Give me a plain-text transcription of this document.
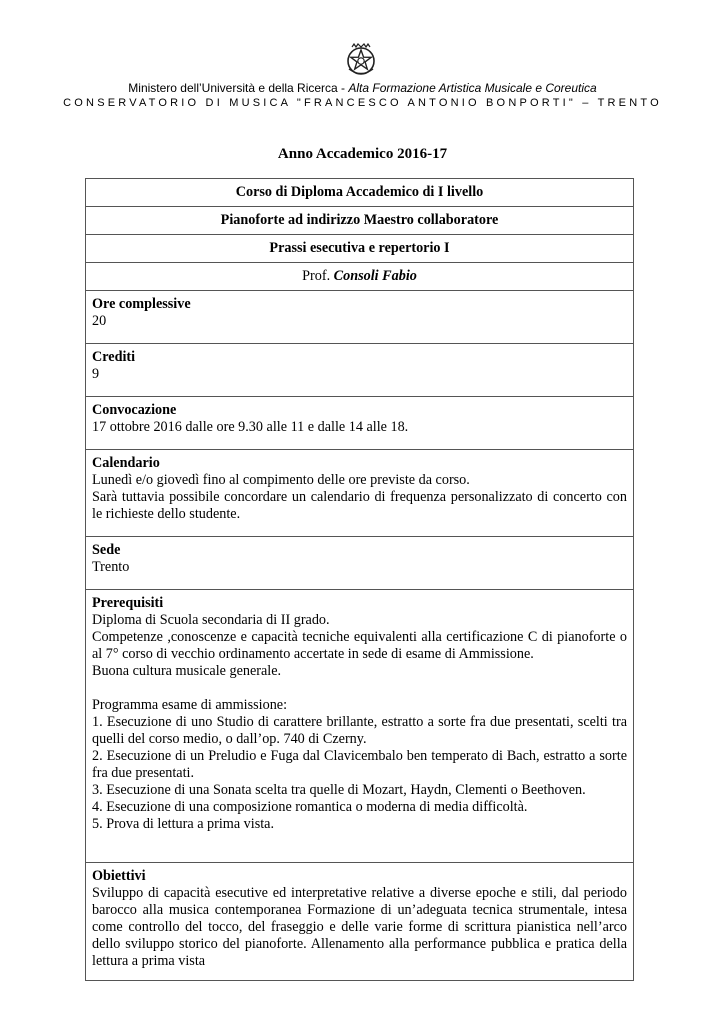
Ministero dell’Università e della Ricerca - Alta Formazione Artistica Musicale e Coreutica
CONSERVATORIO DI MUSICA "FRANCESCO ANTONIO BONPORTI" – TRENTO
Anno Accademico 2016-17
Corso di Diploma Accademico di I livello
Pianoforte ad indirizzo Maestro collaboratore
Prassi esecutiva e repertorio I
Prof. Consoli Fabio

Ore complessive

20

Crediti

9

Convocazione

17 ottobre 2016 dalle ore 9.30 alle 11 e dalle 14 alle 18.

Calendario

Lunedì e/o giovedì fino al compimento delle ore previste da corso.

Sarà tuttavia possibile concordare un calendario di frequenza personalizzato di concerto con le richieste dello studente.

Sede

Trento

Prerequisiti

Diploma di Scuola secondaria di II grado.

Competenze ,conoscenze e capacità tecniche equivalenti alla certificazione C di pianoforte o al 7° corso di vecchio ordinamento accertate in sede di esame di Ammissione.

Buona cultura musicale generale.

Programma esame di ammissione:

1. Esecuzione di uno Studio di carattere brillante, estratto a sorte fra due presentati, scelti tra quelli del corso medio, o dall’op. 740 di Czerny.

2. Esecuzione di un Preludio e Fuga dal Clavicembalo ben temperato di Bach, estratto a sorte fra due presentati.

3. Esecuzione di una Sonata scelta tra quelle di Mozart, Haydn, Clementi o Beethoven.

4. Esecuzione di una composizione romantica o moderna di media difficoltà.

5. Prova di lettura a prima vista.

Obiettivi

Sviluppo di capacità esecutive ed interpretative relative a diverse epoche e stili, dal periodo barocco alla musica contemporanea Formazione di un’adeguata tecnica strumentale, intesa come controllo del tocco, del fraseggio e delle varie forme di scrittura pianistica nell’arco dello sviluppo storico del pianoforte. Allenamento alla performance pubblica e pratica della lettura a prima vista
